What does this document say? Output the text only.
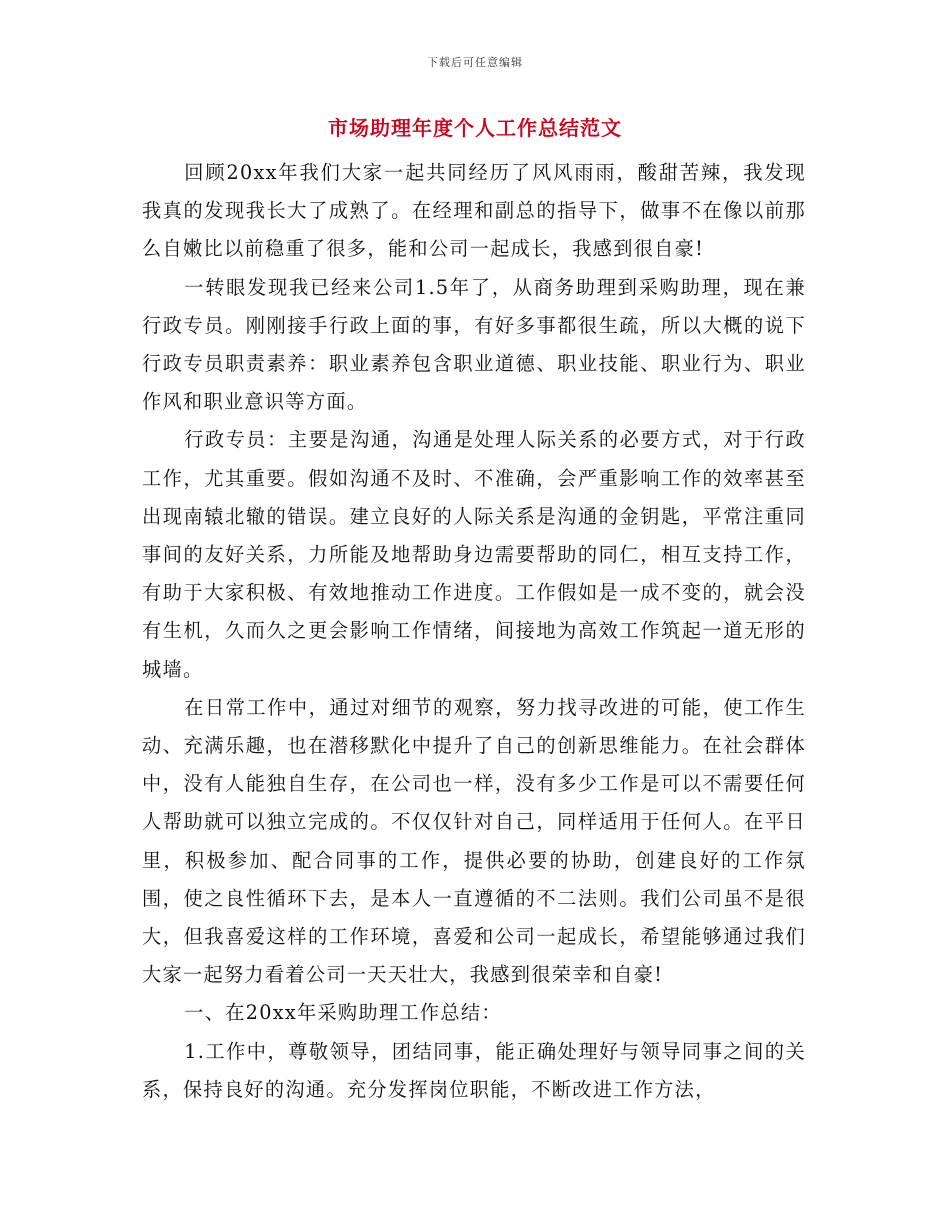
下载后可任意编辑
市场助理年度个人工作总结范文

回顾20xx年我们大家一起共同经历了风风雨雨，酸甜苦辣，我发现我真的发现我长大了成熟了。在经理和副总的指导下，做事不在像以前那么自嫩比以前稳重了很多，能和公司一起成长，我感到很自豪!

一转眼发现我已经来公司1.5年了，从商务助理到采购助理，现在兼行政专员。刚刚接手行政上面的事，有好多事都很生疏，所以大概的说下行政专员职责素养：职业素养包含职业道德、职业技能、职业行为、职业作风和职业意识等方面。

行政专员：主要是沟通，沟通是处理人际关系的必要方式，对于行政工作，尤其重要。假如沟通不及时、不准确，会严重影响工作的效率甚至出现南辕北辙的错误。建立良好的人际关系是沟通的金钥匙，平常注重同事间的友好关系，力所能及地帮助身边需要帮助的同仁，相互支持工作，有助于大家积极、有效地推动工作进度。工作假如是一成不变的，就会没有生机，久而久之更会影响工作情绪，间接地为高效工作筑起一道无形的城墙。

在日常工作中，通过对细节的观察，努力找寻改进的可能，使工作生动、充满乐趣，也在潜移默化中提升了自己的创新思维能力。在社会群体中，没有人能独自生存，在公司也一样，没有多少工作是可以不需要任何人帮助就可以独立完成的。不仅仅针对自己，同样适用于任何人。在平日里，积极参加、配合同事的工作，提供必要的协助，创建良好的工作氛围，使之良性循环下去，是本人一直遵循的不二法则。我们公司虽不是很大，但我喜爱这样的工作环境，喜爱和公司一起成长，希望能够通过我们大家一起努力看着公司一天天壮大，我感到很荣幸和自豪!

一、在20xx年采购助理工作总结：

1.工作中，尊敬领导，团结同事，能正确处理好与领导同事之间的关系，保持良好的沟通。充分发挥岗位职能，不断改进工作方法，
